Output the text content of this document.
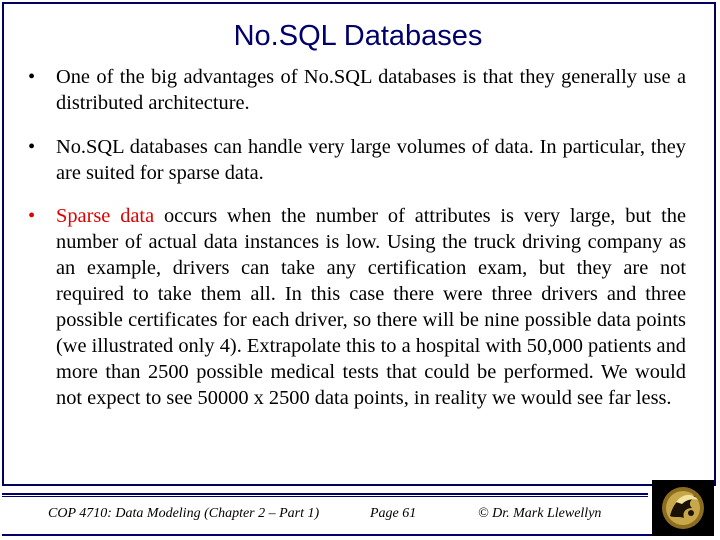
No.SQL Databases
•	One of the big advantages of No.SQL databases is that they generally use a distributed architecture.
•	No.SQL databases can handle very large volumes of data. In particular, they are suited for sparse data.
•	Sparse data occurs when the number of attributes is very large, but the number of actual data instances is low. Using the truck driving company as an example, drivers can take any certification exam, but they are not required to take them all. In this case there were three drivers and three possible certificates for each driver, so there will be nine possible data points (we illustrated only 4). Extrapolate this to a hospital with 50,000 patients and more than 2500 possible medical tests that could be performed. We would not expect to see 50000 x 2500 data points, in reality we would see far less.
COP 4710: Data Modeling (Chapter 2 – Part 1)	Page 61	© Dr. Mark Llewellyn
